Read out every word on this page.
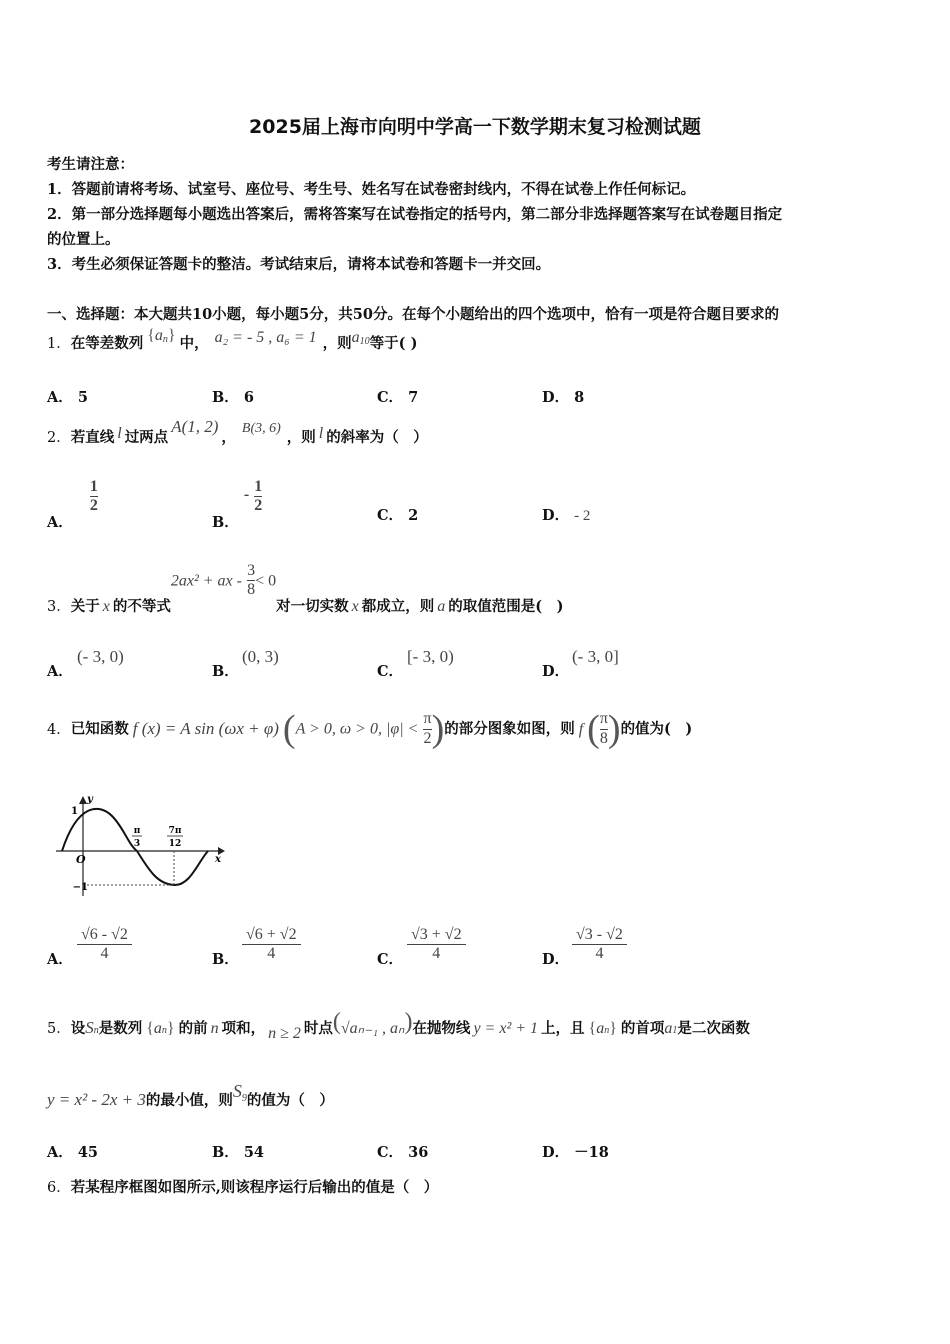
2025届上海市向明中学高一下数学期末复习检测试题
考生请注意：
1．答题前请将考场、试室号、座位号、考生号、姓名写在试卷密封线内，不得在试卷上作任何标记。
2．第一部分选择题每小题选出答案后，需将答案写在试卷指定的括号内，第二部分非选择题答案写在试卷题目指定
的位置上。
3．考生必须保证答题卡的整洁。考试结束后，请将本试卷和答题卡一并交回。
一、选择题：本大题共10小题，每小题5分，共50分。在每个小题给出的四个选项中，恰有一项是符合题目要求的
1．在等差数列 $\{a^n\}$ 中， a₂ = - 5 , a₆ = 1 ，则$a^{10}$等于( )
A． 5	B． 6	C． 7	D． 8
2．若直线 l 过两点A(1, 2)，B(3, 6)，则 l 的斜率为（　）
A．
$\frac{1}{2}$
B． - $\frac{1}{2}$	C． 2	D． - 2
3．关于 x 的不等式2ax² + ax - $\frac{3}{8} < 0$对一切实数 x 都成立，则 a 的取值范围是(　)
A．
(- 3, 0)
B．
(0, 3)
C．
[- 3, 0)
D．
(- 3, 0]
4．已知函数 f (x) = A sin (ωx + φ) (A > 0, ω > 0, $|\varphi| < \frac{\pi}{2}$ )的部分图象如图，则 f ( $\frac{\pi}{8}$ )的值为(　)
y
x
1
−1
O
π
3
7π
12
A． $\frac{√6 - √2}{4}$	B． $\frac{√6 + √2}{4}$	C． $\frac{√3 + √2}{4}$	D． $\frac{√3 - √2}{4}$
5．设Sn是数列 {an} 的前 n 项和， n ≥ 2 时点(√aₙ₋₁ , aₙ)在抛物线 y = x² + 1 上，且 {an} 的首项a1是二次函数
y = x² - 2x + 3的最小值，则$S^9$的值为（　）
A． 45	B． 54	C． 36	D． －18
6．若某程序框图如图所示,则该程序运行后输出的值是（　）
